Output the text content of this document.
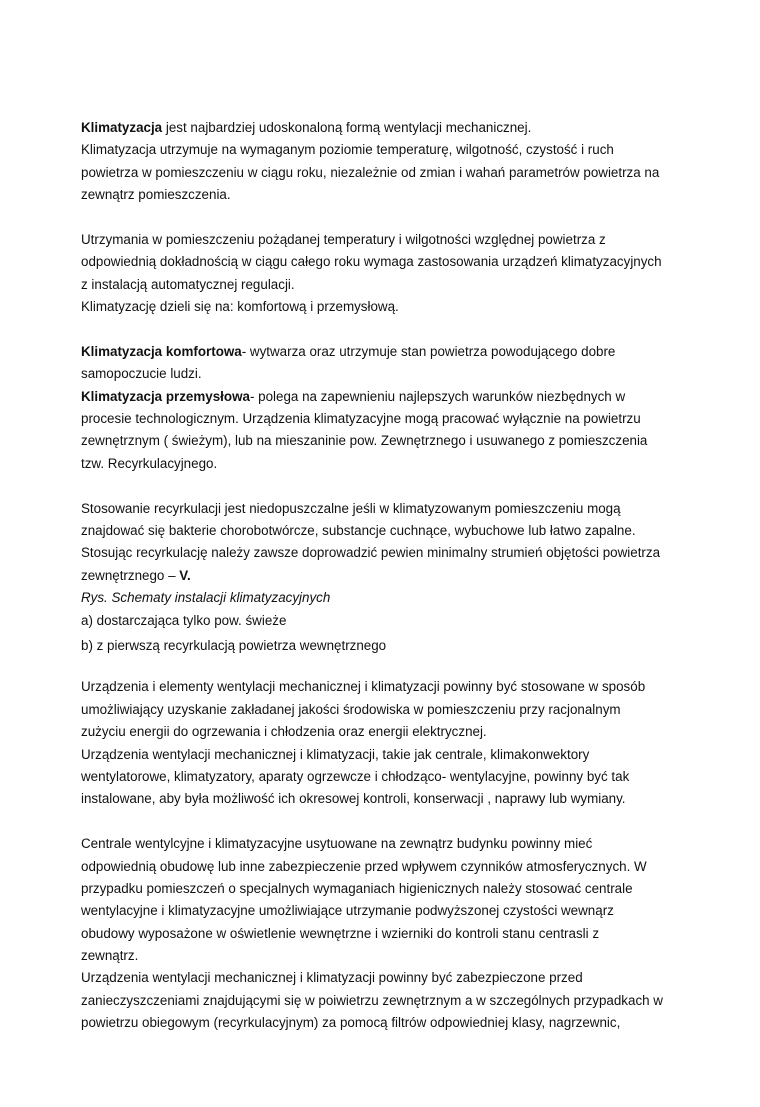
Klimatyzacja jest najbardziej udoskonaloną formą wentylacji mechanicznej.
Klimatyzacja utrzymuje na wymaganym poziomie temperaturę, wilgotność, czystość i ruch
powietrza w pomieszczeniu w ciągu roku, niezależnie od zmian i wahań parametrów powietrza na
zewnątrz pomieszczenia.
Utrzymania w pomieszczeniu pożądanej temperatury i wilgotności względnej powietrza z
odpowiednią dokładnością w ciągu całego roku wymaga zastosowania urządzeń klimatyzacyjnych
z instalacją automatycznej regulacji.
Klimatyzację dzieli się na: komfortową i przemysłową.
Klimatyzacja komfortowa- wytwarza oraz utrzymuje stan powietrza powodującego dobre
samopoczucie ludzi.
Klimatyzacja przemysłowa- polega na zapewnieniu najlepszych warunków niezbędnych w
procesie technologicznym. Urządzenia klimatyzacyjne mogą pracować wyłącznie na powietrzu
zewnętrznym ( świeżym), lub na mieszaninie pow. Zewnętrznego i usuwanego z pomieszczenia
tzw. Recyrkulacyjnego.
Stosowanie recyrkulacji jest niedopuszczalne jeśli w klimatyzowanym pomieszczeniu mogą
znajdować się bakterie chorobotwórcze, substancje cuchnące, wybuchowe lub łatwo zapalne.
Stosując recyrkulację należy zawsze doprowadzić pewien minimalny strumień objętości powietrza
zewnętrznego – V.
Rys. Schematy instalacji klimatyzacyjnych
a) dostarczająca tylko pow. świeże
b) z pierwszą recyrkulacją powietrza wewnętrznego
Urządzenia i elementy wentylacji mechanicznej i klimatyzacji powinny być stosowane w sposób
umożliwiający uzyskanie zakładanej jakości środowiska w pomieszczeniu przy racjonalnym
zużyciu energii do ogrzewania i chłodzenia oraz energii elektrycznej.
Urządzenia wentylacji mechanicznej i klimatyzacji, takie jak centrale, klimakonwektory
wentylatorowe, klimatyzatory, aparaty ogrzewcze i chłodząco- wentylacyjne, powinny być tak
instalowane, aby była możliwość ich okresowej kontroli, konserwacji , naprawy lub wymiany.
Centrale wentylcyjne i klimatyzacyjne usytuowane na zewnątrz budynku powinny mieć
odpowiednią obudowę lub inne zabezpieczenie przed wpływem czynników atmosferycznych. W
przypadku pomieszczeń o specjalnych wymaganiach higienicznych należy stosować centrale
wentylacyjne i klimatyzacyjne umożliwiające utrzymanie podwyższonej czystości wewnąrz
obudowy wyposażone w oświetlenie wewnętrzne i wzierniki do kontroli stanu centrasli z
zewnątrz.
Urządzenia wentylacji mechanicznej i klimatyzacji powinny być zabezpieczone przed
zanieczyszczeniami znajdującymi się w poiwietrzu zewnętrznym a w szczególnych przypadkach w
powietrzu obiegowym (recyrkulacyjnym) za pomocą filtrów odpowiedniej klasy, nagrzewnic,
